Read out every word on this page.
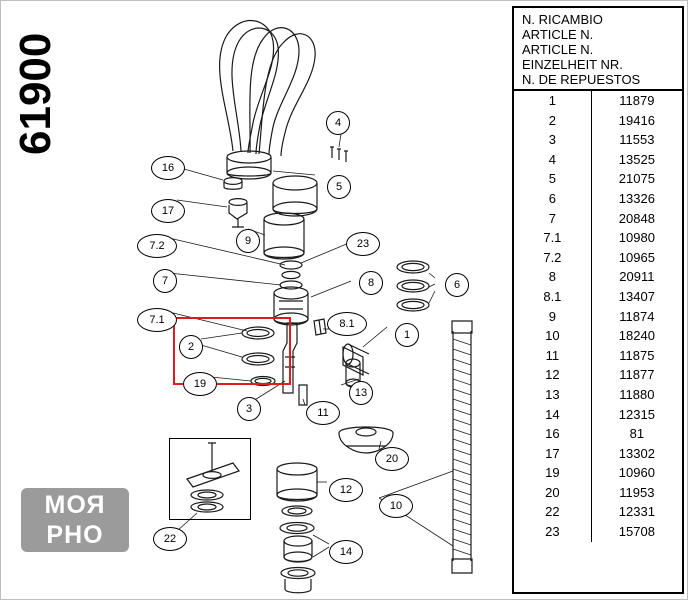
61900	4
16
5
17
9
7.2	23
7	8	6
8.1
7.1
1
2
13
19
3	11
20
12
10
22
14
МОЯ
РНО
N. RICAMBIO
ARTICLE N.
ARTICLE N.
EINZELHEIT NR.
N. DE REPUESTOS
1	11879
2	19416
3	11553
4	13525
5	21075
6	13326
7	20848
7.1	10980
7.2	10965
8	20911
8.1	13407
9	11874
10	18240
11	11875
12	11877
13	11880
14	12315
16	81
17	13302
19	10960
20	11953
22	12331
23	15708
